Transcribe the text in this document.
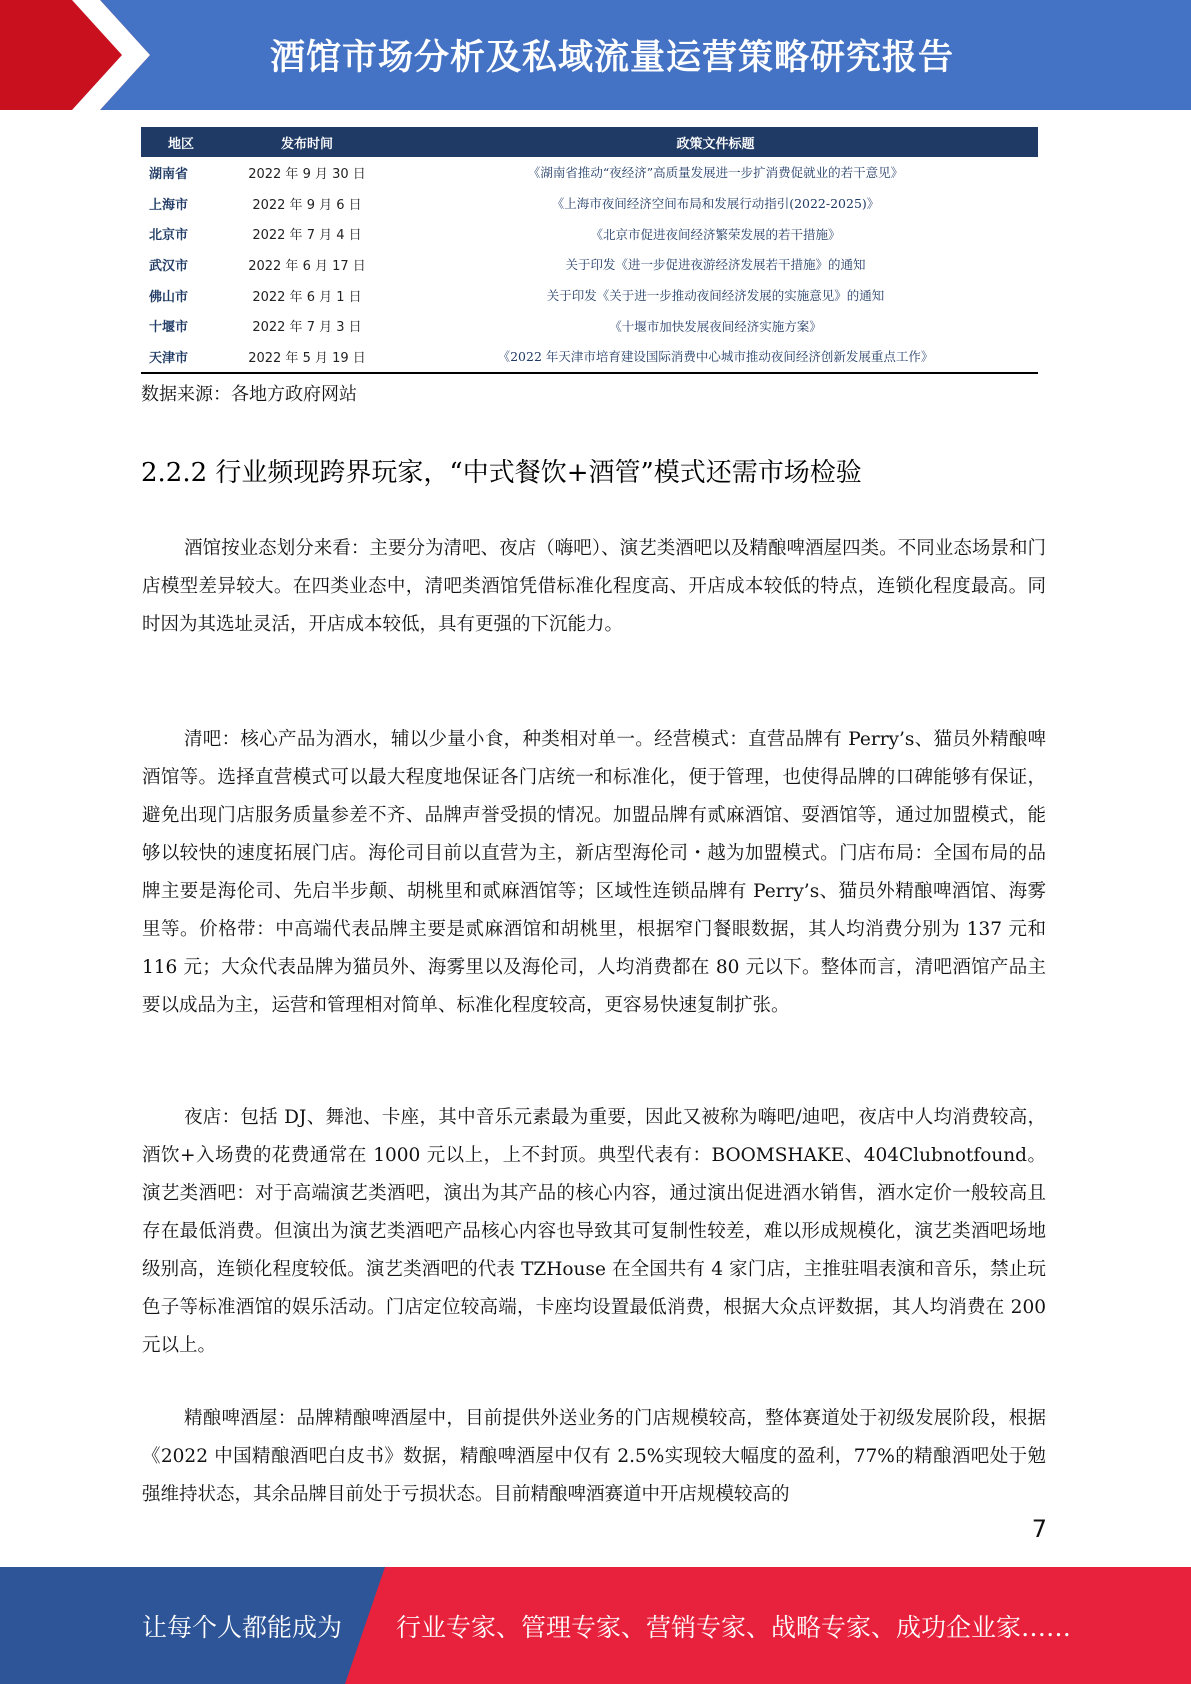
酒馆市场分析及私域流量运营策略研究报告
地区	发布时间	政策文件标题
湖南省	2022 年 9 月 30 日	《湖南省推动“夜经济”高质量发展进一步扩消费促就业的若干意见》
上海市	2022 年 9 月 6 日	《上海市夜间经济空间布局和发展行动指引(2022-2025)》
北京市	2022 年 7 月 4 日	《北京市促进夜间经济繁荣发展的若干措施》
武汉市	2022 年 6 月 17 日	关于印发《进一步促进夜游经济发展若干措施》的通知
佛山市	2022 年 6 月 1 日	关于印发《关于进一步推动夜间经济发展的实施意见》的通知
十堰市	2022 年 7 月 3 日	《十堰市加快发展夜间经济实施方案》
天津市	2022 年 5 月 19 日	《2022 年天津市培育建设国际消费中心城市推动夜间经济创新发展重点工作》
数据来源：各地方政府网站
2.2.2 行业频现跨界玩家，“中式餐饮+酒管”模式还需市场检验

酒馆按业态划分来看：主要分为清吧、夜店（嗨吧）、演艺类酒吧以及精酿啤酒屋四类。不同业态场景和门店模型差异较大。在四类业态中，清吧类酒馆凭借标准化程度高、开店成本较低的特点，连锁化程度最高。同时因为其选址灵活，开店成本较低，具有更强的下沉能力。

清吧：核心产品为酒水，辅以少量小食，种类相对单一。经营模式：直营品牌有 Perry’s、猫员外精酿啤酒馆等。选择直营模式可以最大程度地保证各门店统一和标准化，便于管理，也使得品牌的口碑能够有保证，避免出现门店服务质量参差不齐、品牌声誉受损的情况。加盟品牌有贰麻酒馆、耍酒馆等，通过加盟模式，能够以较快的速度拓展门店。海伦司目前以直营为主，新店型海伦司・越为加盟模式。门店布局：全国布局的品牌主要是海伦司、先启半步颠、胡桃里和贰麻酒馆等；区域性连锁品牌有 Perry’s、猫员外精酿啤酒馆、海雾里等。价格带：中高端代表品牌主要是贰麻酒馆和胡桃里，根据窄门餐眼数据，其人均消费分别为 137 元和 116 元；大众代表品牌为猫员外、海雾里以及海伦司，人均消费都在 80 元以下。整体而言，清吧酒馆产品主要以成品为主，运营和管理相对简单、标准化程度较高，更容易快速复制扩张。

夜店：包括 DJ、舞池、卡座，其中音乐元素最为重要，因此又被称为嗨吧/迪吧，夜店中人均消费较高，酒饮+入场费的花费通常在 1000 元以上，上不封顶。典型代表有：BOOMSHAKE、404Clubnotfound。演艺类酒吧：对于高端演艺类酒吧，演出为其产品的核心内容，通过演出促进酒水销售，酒水定价一般较高且存在最低消费。但演出为演艺类酒吧产品核心内容也导致其可复制性较差，难以形成规模化，演艺类酒吧场地级别高，连锁化程度较低。演艺类酒吧的代表 TZHouse 在全国共有 4 家门店，主推驻唱表演和音乐，禁止玩色子等标准酒馆的娱乐活动。门店定位较高端，卡座均设置最低消费，根据大众点评数据，其人均消费在 200 元以上。

精酿啤酒屋：品牌精酿啤酒屋中，目前提供外送业务的门店规模较高，整体赛道处于初级发展阶段，根据《2022 中国精酿酒吧白皮书》数据，精酿啤酒屋中仅有 2.5%实现较大幅度的盈利，77%的精酿酒吧处于勉强维持状态，其余品牌目前处于亏损状态。目前精酿啤酒赛道中开店规模较高的

7
让每个人都能成为 行业专家、管理专家、营销专家、战略专家、成功企业家……
